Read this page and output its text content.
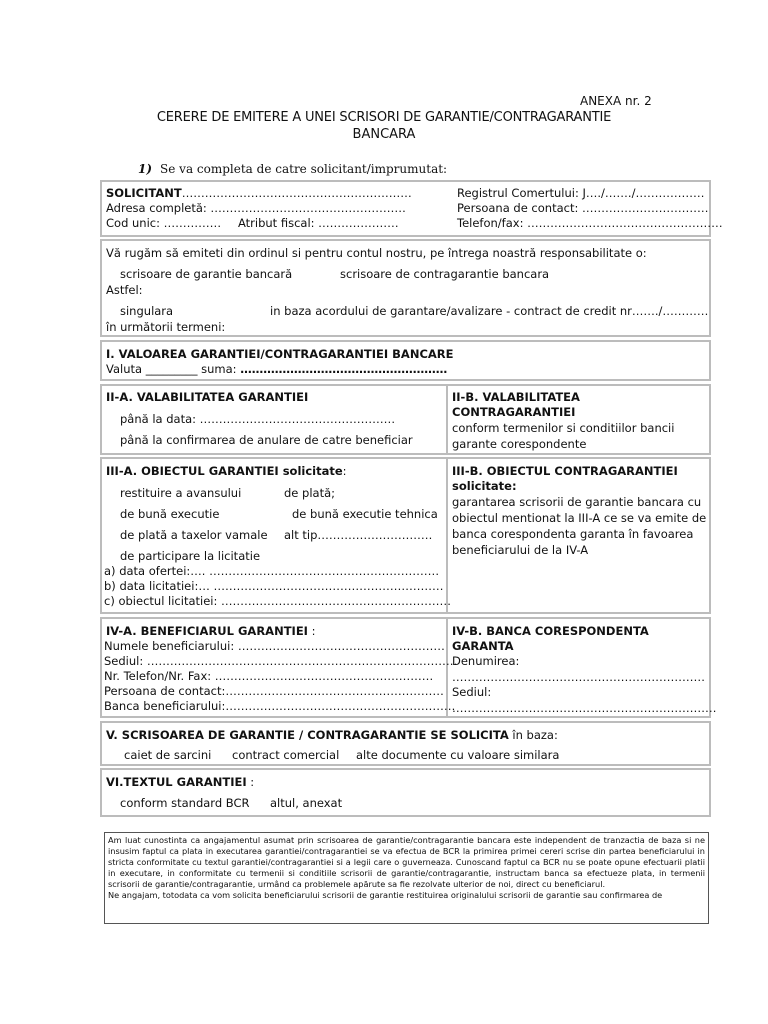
ANEXA nr. 2
CERERE DE EMITERE A UNEI SCRISORI DE GARANTIE/CONTRAGARANTIE
BANCARA
1) Se va completa de catre solicitant/imprumutat:
SOLICITANT……………………………………………………
Adresa completă: ……………………………………………
Cod unic: …………… Atribut fiscal: …………………
Registrul Comertului: J…./……./………………
Persoana de contact: ……………………………
Telefon/fax: ……………………………………………
Vă rugăm să emiteti din ordinul si pentru contul nostru, pe întrega noastră responsabilitate o:
scrisoare de garantie bancară	scrisoare de contragarantie bancara
Astfel:
singulara	in baza acordului de garantare/avalizare - contract de credit nr……./…………
în următorii termeni:
I. VALOAREA GARANTIEI/CONTRAGARANTIEI BANCARE
Valuta _________ suma: ………………………………………………
II-A. VALABILITATEA GARANTIEI
până la data: ……………………………………………
până la confirmarea de anulare de catre beneficiar
II-B. VALABILITATEA
CONTRAGARANTIEI
conform termenilor si conditiilor bancii
garante corespondente
III-A. OBIECTUL GARANTIEI solicitate:
restituire a avansului	de plată;
de bună executie	de bună executie tehnica
de plată a taxelor vamale alt tip…………………………
de participare la licitatie
a) data ofertei:…. ……………………………………………………
b) data licitatiei:… ……………………………………………………
c) obiectul licitatiei: ……………………………………………………
III-B. OBIECTUL CONTRAGARANTIEI
solicitate:
garantarea scrisorii de garantie bancara cu
obiectul mentionat la III-A ce se va emite de
banca corespondenta garanta în favoarea
beneficiarului de la IV-A
IV-A. BENEFICIARUL GARANTIEI :
Numele beneficiarului: ………………………………………………
Sediul: ………………………………………………………………………
Nr. Telefon/Nr. Fax: …………………………………………………
Persoana de contact:…………………………………………………
Banca beneficiarului:……………………………………………………
IV-B. BANCA CORESPONDENTA
GARANTA
Denumirea:
…………………………………………………………
Sediul:
……………………………………………………………
V. SCRISOAREA DE GARANTIE / CONTRAGARANTIE SE SOLICITA în baza:
caiet de sarcini contract comercial alte documente cu valoare similara
VI.TEXTUL GARANTIEI :
conform standard BCR altul, anexat

Am luat cunostinta ca angajamentul asumat prin scrisoarea de garantie/contragarantie bancara este independent de tranzactia de baza si ne insusim faptul ca plata in executarea garantiei/contragarantiei se va efectua de BCR la primirea primei cereri scrise din partea beneficiarului in stricta conformitate cu textul garantiei/contragarantiei si a legii care o guverneaza. Cunoscand faptul ca BCR nu se poate opune efectuarii platii in executare, in conformitate cu termenii si conditiile scrisorii de garantie/contragarantie, instructam banca sa efectueze plata, in termenii scrisorii de garantie/contragarantie, urmând ca problemele apărute sa fie rezolvate ulterior de noi, direct cu beneficiarul.

Ne angajam, totodata ca vom solicita beneficiarului scrisorii de garantie restituirea originalului scrisorii de garantie sau confirmarea de
